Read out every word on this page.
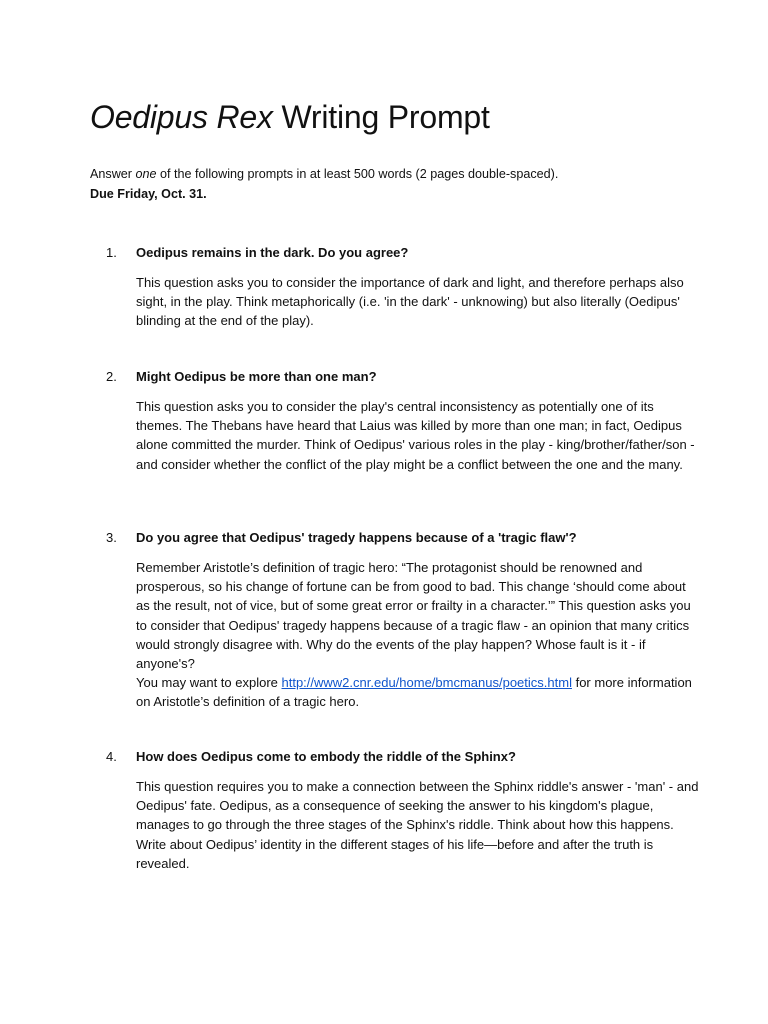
Oedipus Rex Writing Prompt

Answer one of the following prompts in at least 500 words (2 pages double-spaced).

Due Friday, Oct. 31.

1. Oedipus remains in the dark. Do you agree?

This question asks you to consider the importance of dark and light, and therefore perhaps also sight, in the play. Think metaphorically (i.e. 'in the dark' - unknowing) but also literally (Oedipus' blinding at the end of the play).

2. Might Oedipus be more than one man?

This question asks you to consider the play's central inconsistency as potentially one of its themes. The Thebans have heard that Laius was killed by more than one man; in fact, Oedipus alone committed the murder. Think of Oedipus' various roles in the play - king/brother/father/son - and consider whether the conflict of the play might be a conflict between the one and the many.

3. Do you agree that Oedipus' tragedy happens because of a 'tragic flaw'?

Remember Aristotle’s definition of tragic hero: “The protagonist should be renowned and prosperous, so his change of fortune can be from good to bad. This change ‘should come about as the result, not of vice, but of some great error or frailty in a character.’” This question asks you to consider that Oedipus' tragedy happens because of a tragic flaw - an opinion that many critics would strongly disagree with. Why do the events of the play happen? Whose fault is it - if anyone's?

You may want to explore http://www2.cnr.edu/home/bmcmanus/poetics.html for more information on Aristotle’s definition of a tragic hero.

4. How does Oedipus come to embody the riddle of the Sphinx?

This question requires you to make a connection between the Sphinx riddle's answer - 'man' - and Oedipus' fate. Oedipus, as a consequence of seeking the answer to his kingdom's plague, manages to go through the three stages of the Sphinx's riddle. Think about how this happens. Write about Oedipus’ identity in the different stages of his life—before and after the truth is revealed.
